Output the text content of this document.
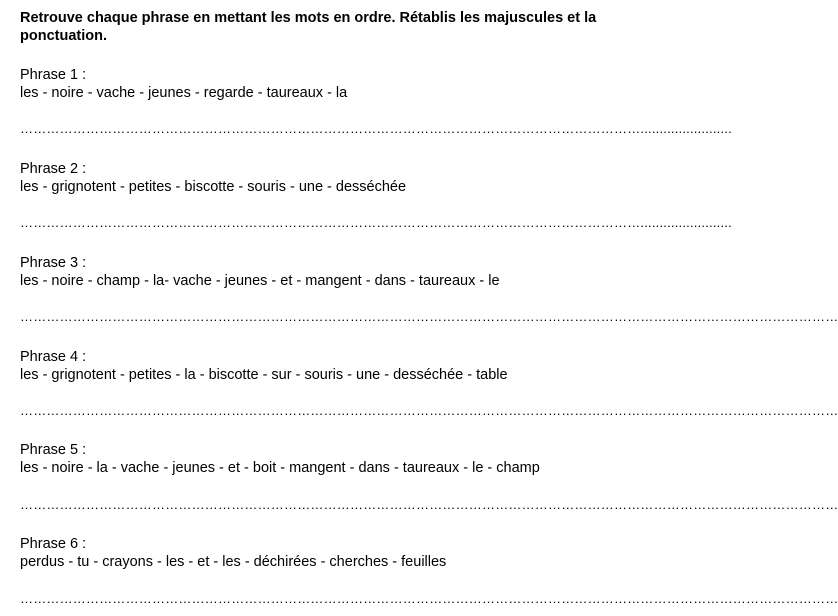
Retrouve chaque phrase en mettant les mots en ordre. Rétablis les majuscules et la ponctuation.

Phrase 1 :
les - noire - vache - jeunes - regarde - taureaux - la
……………………………………………………………………………………………………………………………........................
Phrase 2 :
les - grignotent - petites - biscotte - souris - une - desséchée
……………………………………………………………………………………………………………………………........................
Phrase 3 :
les - noire - champ - la- vache - jeunes - et - mangent - dans - taureaux - le
……………………………………………………………………………………………………………………………………………………………………
Phrase 4 :
les - grignotent - petites - la - biscotte - sur - souris - une - desséchée - table
……………………………………………………………………………………………………………………………………………………………………
Phrase 5 :
les - noire - la - vache - jeunes - et - boit - mangent - dans - taureaux - le - champ
……………………………………………………………………………………………………………………………………………………………………
Phrase 6 :
perdus - tu - crayons - les - et - les - déchirées - cherches - feuilles
……………………………………………………………………………………………………………………………………………………………………
